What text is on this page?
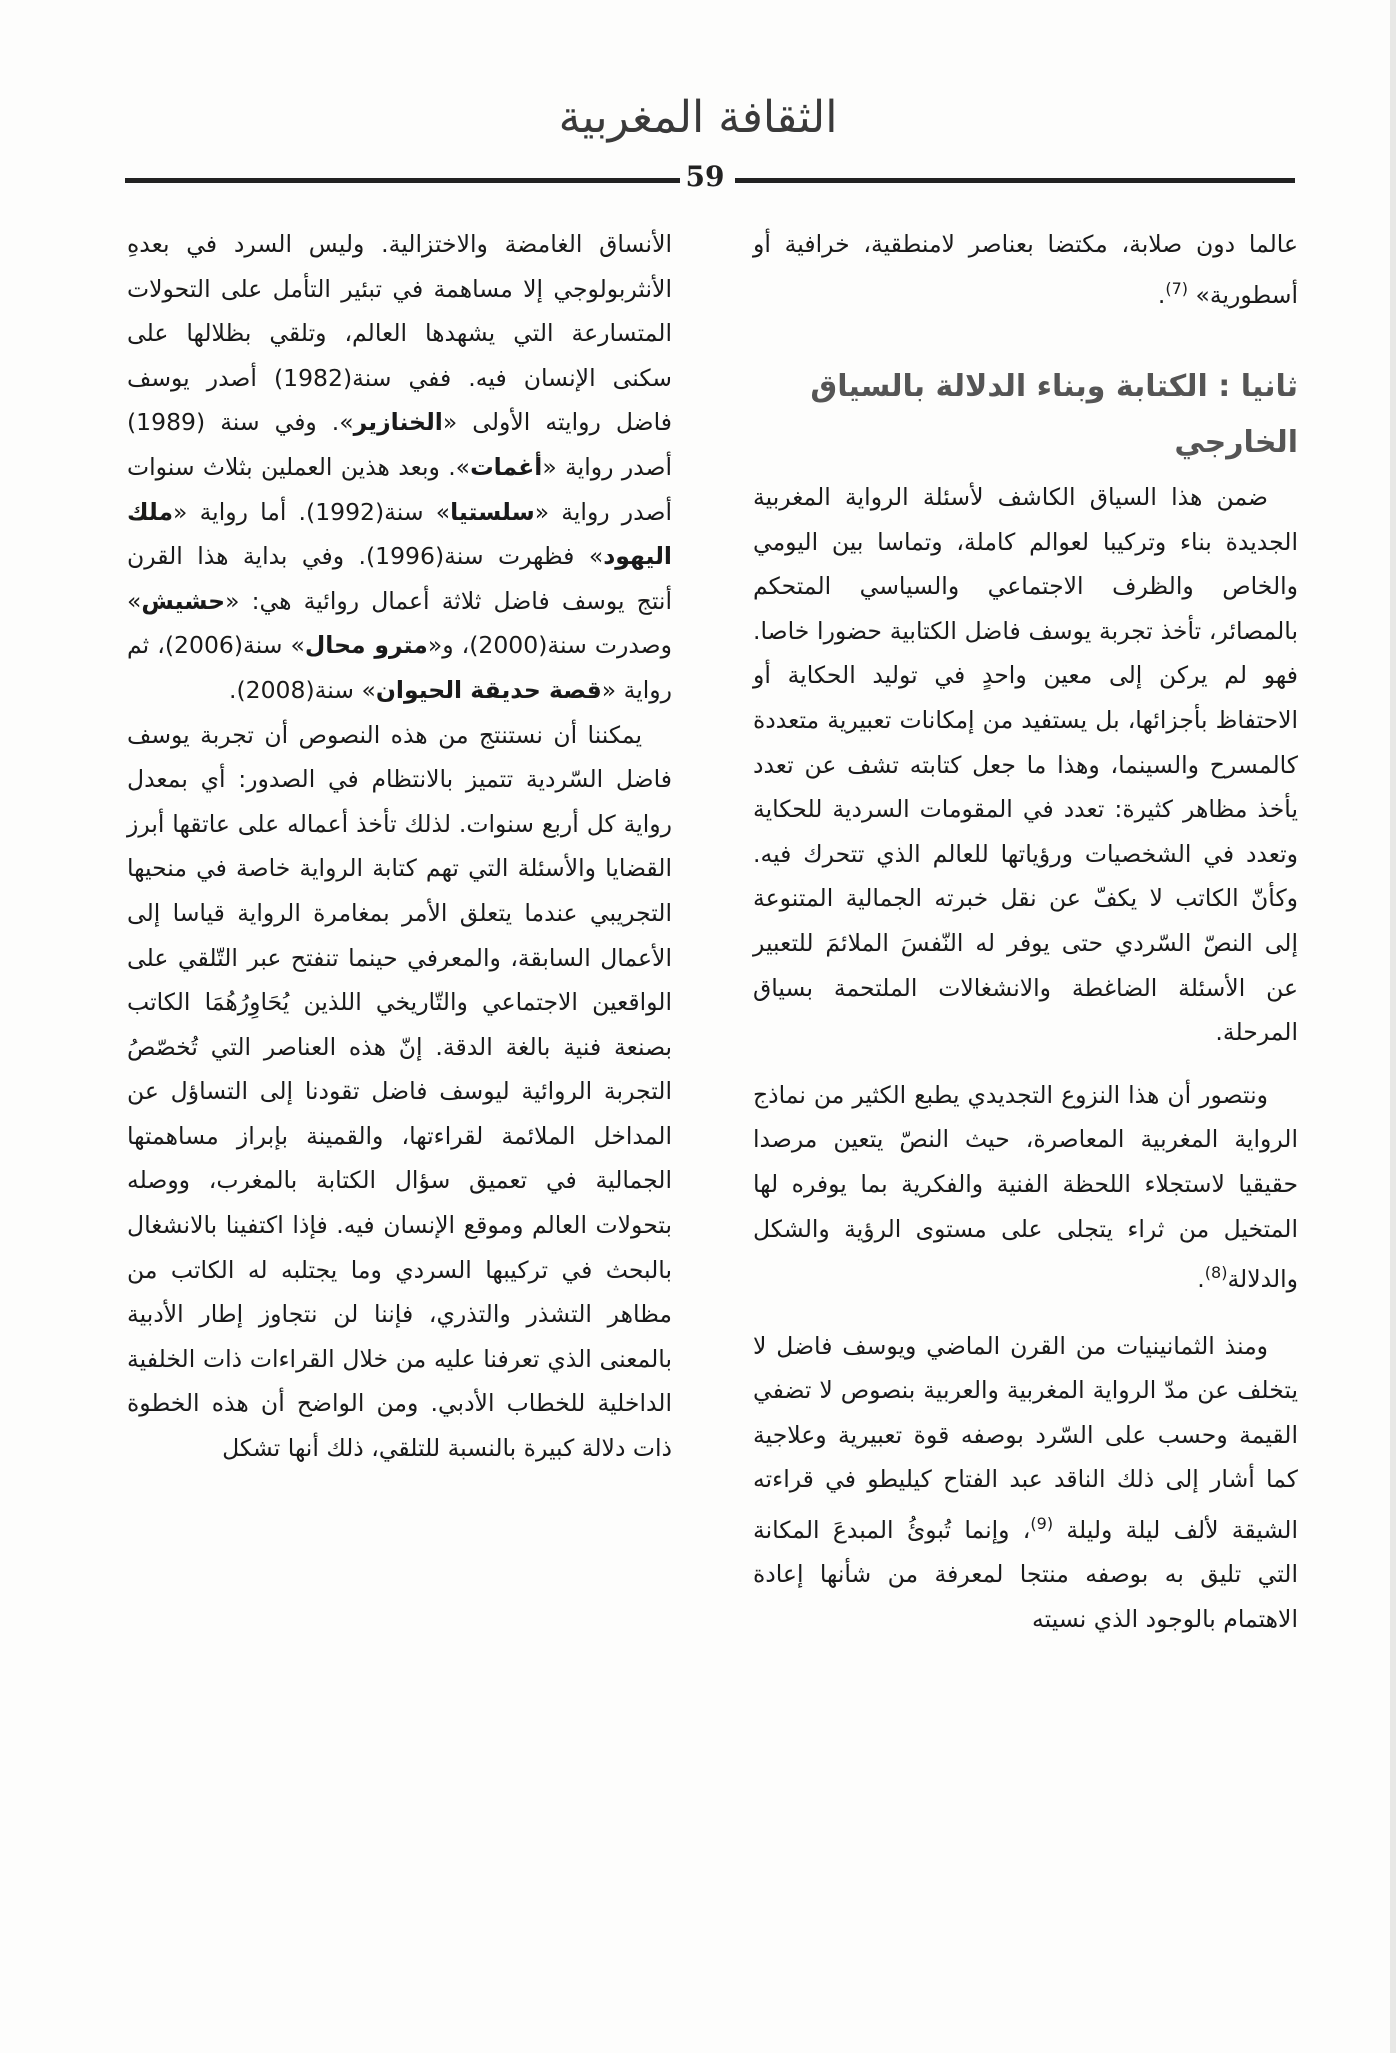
الثقافة المغربية
59

عالما دون صلابة، مكتضا بعناصر لامنطقية، خرافية أو أسطورية» $^{(7)}$.

ثانيا : الكتابة وبناء الدلالة بالسياق الخارجي

ضمن هذا السياق الكاشف لأسئلة الرواية المغربية الجديدة بناء وتركيبا لعوالم كاملة، وتماسا بين اليومي والخاص والظرف الاجتماعي والسياسي المتحكم بالمصائر، تأخذ تجربة يوسف فاضل الكتابية حضورا خاصا. فهو لم يركن إلى معين واحدٍ في توليد الحكاية أو الاحتفاظ بأجزائها، بل يستفيد من إمكانات تعبيرية متعددة كالمسرح والسينما، وهذا ما جعل كتابته تشف عن تعدد يأخذ مظاهر كثيرة: تعدد في المقومات السردية للحكاية وتعدد في الشخصيات ورؤياتها للعالم الذي تتحرك فيه. وكأنّ الكاتب لا يكفّ عن نقل خبرته الجمالية المتنوعة إلى النصّ السّردي حتى يوفر له النّفسَ الملائمَ للتعبير عن الأسئلة الضاغطة والانشغالات الملتحمة بسياق المرحلة.

ونتصور أن هذا النزوع التجديدي يطبع الكثير من نماذج الرواية المغربية المعاصرة، حيث النصّ يتعين مرصدا حقيقيا لاستجلاء اللحظة الفنية والفكرية بما يوفره لها المتخيل من ثراء يتجلى على مستوى الرؤية والشكل والدلالة$^{(8)}$.

ومنذ الثمانينيات من القرن الماضي ويوسف فاضل لا يتخلف عن مدّ الرواية المغربية والعربية بنصوص لا تضفي القيمة وحسب على السّرد بوصفه قوة تعبيرية وعلاجية كما أشار إلى ذلك الناقد عبد الفتاح كيليطو في قراءته الشيقة لألف ليلة وليلة $^{(9)}$، وإنما تُبوئُ المبدعَ المكانة التي تليق به بوصفه منتجا لمعرفة من شأنها إعادة الاهتمام بالوجود الذي نسيته

الأنساق الغامضة والاختزالية. وليس السرد في بعدهِ الأنثربولوجي إلا مساهمة في تبئير التأمل على التحولات المتسارعة التي يشهدها العالم، وتلقي بظلالها على سكنى الإنسان فيه. ففي سنة(1982) أصدر يوسف فاضل روايته الأولى «الخنازير». وفي سنة (1989) أصدر رواية «أغمات». وبعد هذين العملين بثلاث سنوات أصدر رواية «سلستيا» سنة(1992). أما رواية «ملك اليهود» فظهرت سنة(1996). وفي بداية هذا القرن أنتج يوسف فاضل ثلاثة أعمال روائية هي: «حشيش» وصدرت سنة(2000)، و«مترو محال» سنة(2006)، ثم رواية «قصة حديقة الحيوان» سنة(2008).

يمكننا أن نستنتج من هذه النصوص أن تجربة يوسف فاضل السّردية تتميز بالانتظام في الصدور: أي بمعدل رواية كل أربع سنوات. لذلك تأخذ أعماله على عاتقها أبرز القضايا والأسئلة التي تهم كتابة الرواية خاصة في منحيها التجريبي عندما يتعلق الأمر بمغامرة الرواية قياسا إلى الأعمال السابقة، والمعرفي حينما تنفتح عبر التّلقي على الواقعين الاجتماعي والتّاريخي اللذين يُحَاوِرُهُمَا الكاتب بصنعة فنية بالغة الدقة. إنّ هذه العناصر التي تُخصّصُ التجربة الروائية ليوسف فاضل تقودنا إلى التساؤل عن المداخل الملائمة لقراءتها، والقمينة بإبراز مساهمتها الجمالية في تعميق سؤال الكتابة بالمغرب، ووصله بتحولات العالم وموقع الإنسان فيه. فإذا اكتفينا بالانشغال بالبحث في تركيبها السردي وما يجتلبه له الكاتب من مظاهر التشذر والتذري، فإننا لن نتجاوز إطار الأدبية بالمعنى الذي تعرفنا عليه من خلال القراءات ذات الخلفية الداخلية للخطاب الأدبي. ومن الواضح أن هذه الخطوة ذات دلالة كبيرة بالنسبة للتلقي، ذلك أنها تشكل
